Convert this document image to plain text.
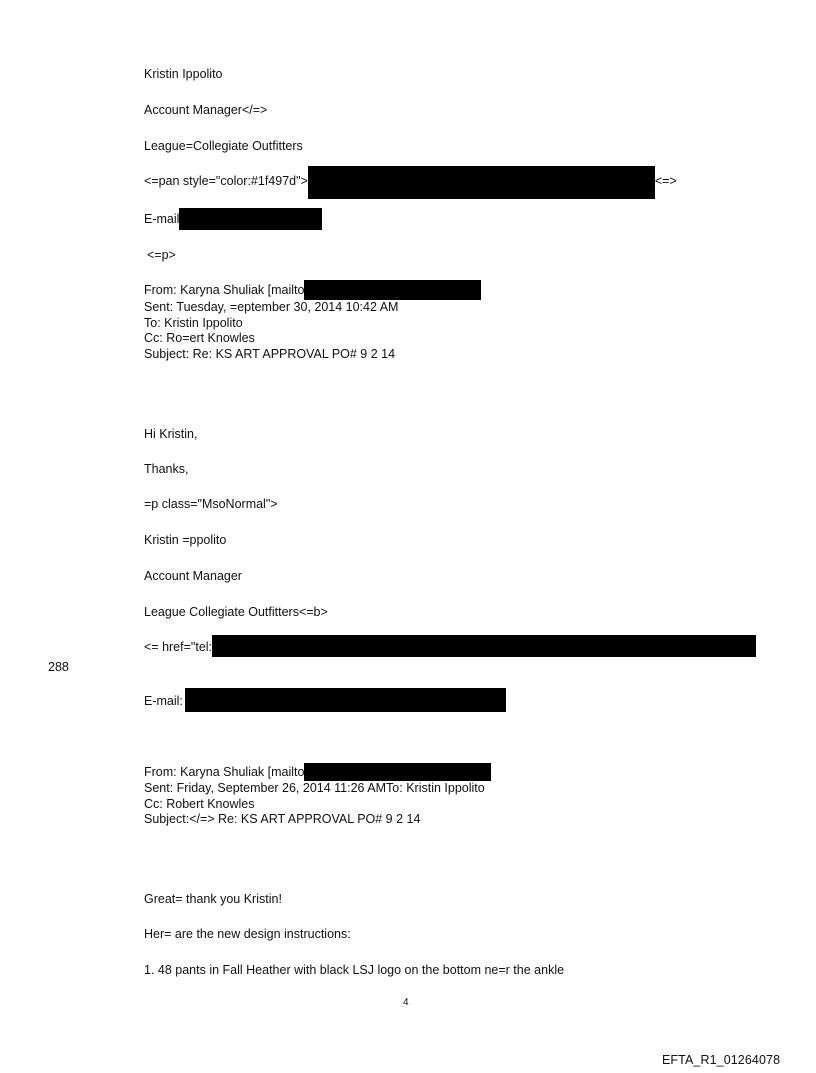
Kristin Ippolito
Account Manager</=>
League=Collegiate Outfitters
<=pan style="color:#1f497d">	<=>
E-mail
<=p>
From: Karyna Shuliak [mailto
Sent: Tuesday, =eptember 30, 2014 10:42 AM
To: Kristin Ippolito
Cc: Ro=ert Knowles
Subject: Re: KS ART APPROVAL PO# 9 2 14
Hi Kristin,
Thanks,
=p class="MsoNormal">
Kristin =ppolito
Account Manager
League Collegiate Outfitters<=b>
<= href="tel:
288
E-mail:
From: Karyna Shuliak [mailto
Sent: Friday, September 26, 2014 11:26 AMTo: Kristin Ippolito
Cc: Robert Knowles
Subject:</=> Re: KS ART APPROVAL PO# 9 2 14
Great= thank you Kristin!
Her= are the new design instructions:
1. 48 pants in Fall Heather with black LSJ logo on the bottom ne=r the ankle
4
EFTA_R1_01264078
